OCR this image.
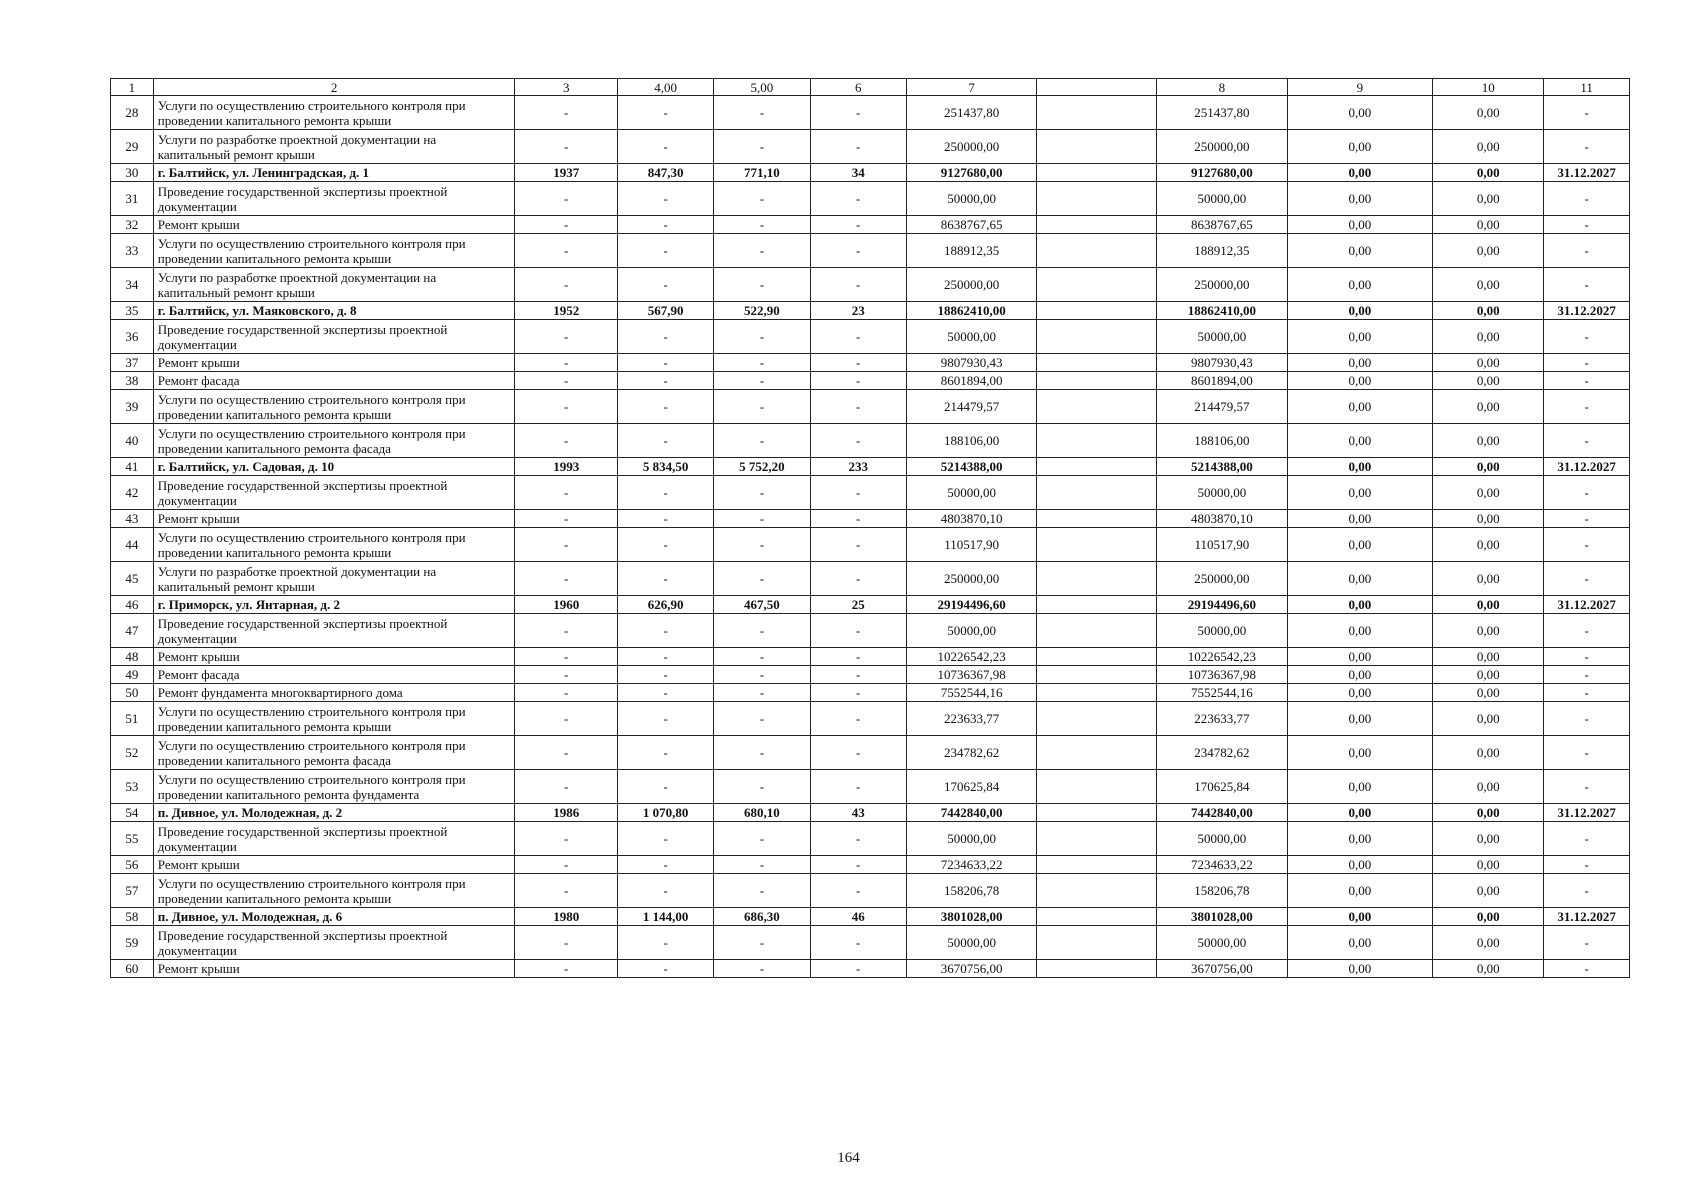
1	2	3	4,00	5,00	6	7		8	9	10	11
28	Услуги по осуществлению строительного контроля при проведении капитального ремонта крыши	-	-	-	-	251437,80		251437,80	0,00	0,00	-
29	Услуги по разработке проектной документации на капитальный ремонт крыши	-	-	-	-	250000,00		250000,00	0,00	0,00	-
30	г. Балтийск, ул. Ленинградская, д. 1	1937	847,30	771,10	34	9127680,00		9127680,00	0,00	0,00	31.12.2027
31	Проведение государственной экспертизы проектной документации	-	-	-	-	50000,00		50000,00	0,00	0,00	-
32	Ремонт крыши	-	-	-	-	8638767,65		8638767,65	0,00	0,00	-
33	Услуги по осуществлению строительного контроля при проведении капитального ремонта крыши	-	-	-	-	188912,35		188912,35	0,00	0,00	-
34	Услуги по разработке проектной документации на капитальный ремонт крыши	-	-	-	-	250000,00		250000,00	0,00	0,00	-
35	г. Балтийск, ул. Маяковского, д. 8	1952	567,90	522,90	23	18862410,00		18862410,00	0,00	0,00	31.12.2027
36	Проведение государственной экспертизы проектной документации	-	-	-	-	50000,00		50000,00	0,00	0,00	-
37	Ремонт крыши	-	-	-	-	9807930,43		9807930,43	0,00	0,00	-
38	Ремонт фасада	-	-	-	-	8601894,00		8601894,00	0,00	0,00	-
39	Услуги по осуществлению строительного контроля при проведении капитального ремонта крыши	-	-	-	-	214479,57		214479,57	0,00	0,00	-
40	Услуги по осуществлению строительного контроля при проведении капитального ремонта фасада	-	-	-	-	188106,00		188106,00	0,00	0,00	-
41	г. Балтийск, ул. Садовая, д. 10	1993	5 834,50	5 752,20	233	5214388,00		5214388,00	0,00	0,00	31.12.2027
42	Проведение государственной экспертизы проектной документации	-	-	-	-	50000,00		50000,00	0,00	0,00	-
43	Ремонт крыши	-	-	-	-	4803870,10		4803870,10	0,00	0,00	-
44	Услуги по осуществлению строительного контроля при проведении капитального ремонта крыши	-	-	-	-	110517,90		110517,90	0,00	0,00	-
45	Услуги по разработке проектной документации на капитальный ремонт крыши	-	-	-	-	250000,00		250000,00	0,00	0,00	-
46	г. Приморск, ул. Янтарная, д. 2	1960	626,90	467,50	25	29194496,60		29194496,60	0,00	0,00	31.12.2027
47	Проведение государственной экспертизы проектной документации	-	-	-	-	50000,00		50000,00	0,00	0,00	-
48	Ремонт крыши	-	-	-	-	10226542,23		10226542,23	0,00	0,00	-
49	Ремонт фасада	-	-	-	-	10736367,98		10736367,98	0,00	0,00	-
50	Ремонт фундамента многоквартирного дома	-	-	-	-	7552544,16		7552544,16	0,00	0,00	-
51	Услуги по осуществлению строительного контроля при проведении капитального ремонта крыши	-	-	-	-	223633,77		223633,77	0,00	0,00	-
52	Услуги по осуществлению строительного контроля при проведении капитального ремонта фасада	-	-	-	-	234782,62		234782,62	0,00	0,00	-
53	Услуги по осуществлению строительного контроля при проведении капитального ремонта фундамента	-	-	-	-	170625,84		170625,84	0,00	0,00	-
54	п. Дивное, ул. Молодежная, д. 2	1986	1 070,80	680,10	43	7442840,00		7442840,00	0,00	0,00	31.12.2027
55	Проведение государственной экспертизы проектной документации	-	-	-	-	50000,00		50000,00	0,00	0,00	-
56	Ремонт крыши	-	-	-	-	7234633,22		7234633,22	0,00	0,00	-
57	Услуги по осуществлению строительного контроля при проведении капитального ремонта крыши	-	-	-	-	158206,78		158206,78	0,00	0,00	-
58	п. Дивное, ул. Молодежная, д. 6	1980	1 144,00	686,30	46	3801028,00		3801028,00	0,00	0,00	31.12.2027
59	Проведение государственной экспертизы проектной документации	-	-	-	-	50000,00		50000,00	0,00	0,00	-
60	Ремонт крыши	-	-	-	-	3670756,00		3670756,00	0,00	0,00	-
164
